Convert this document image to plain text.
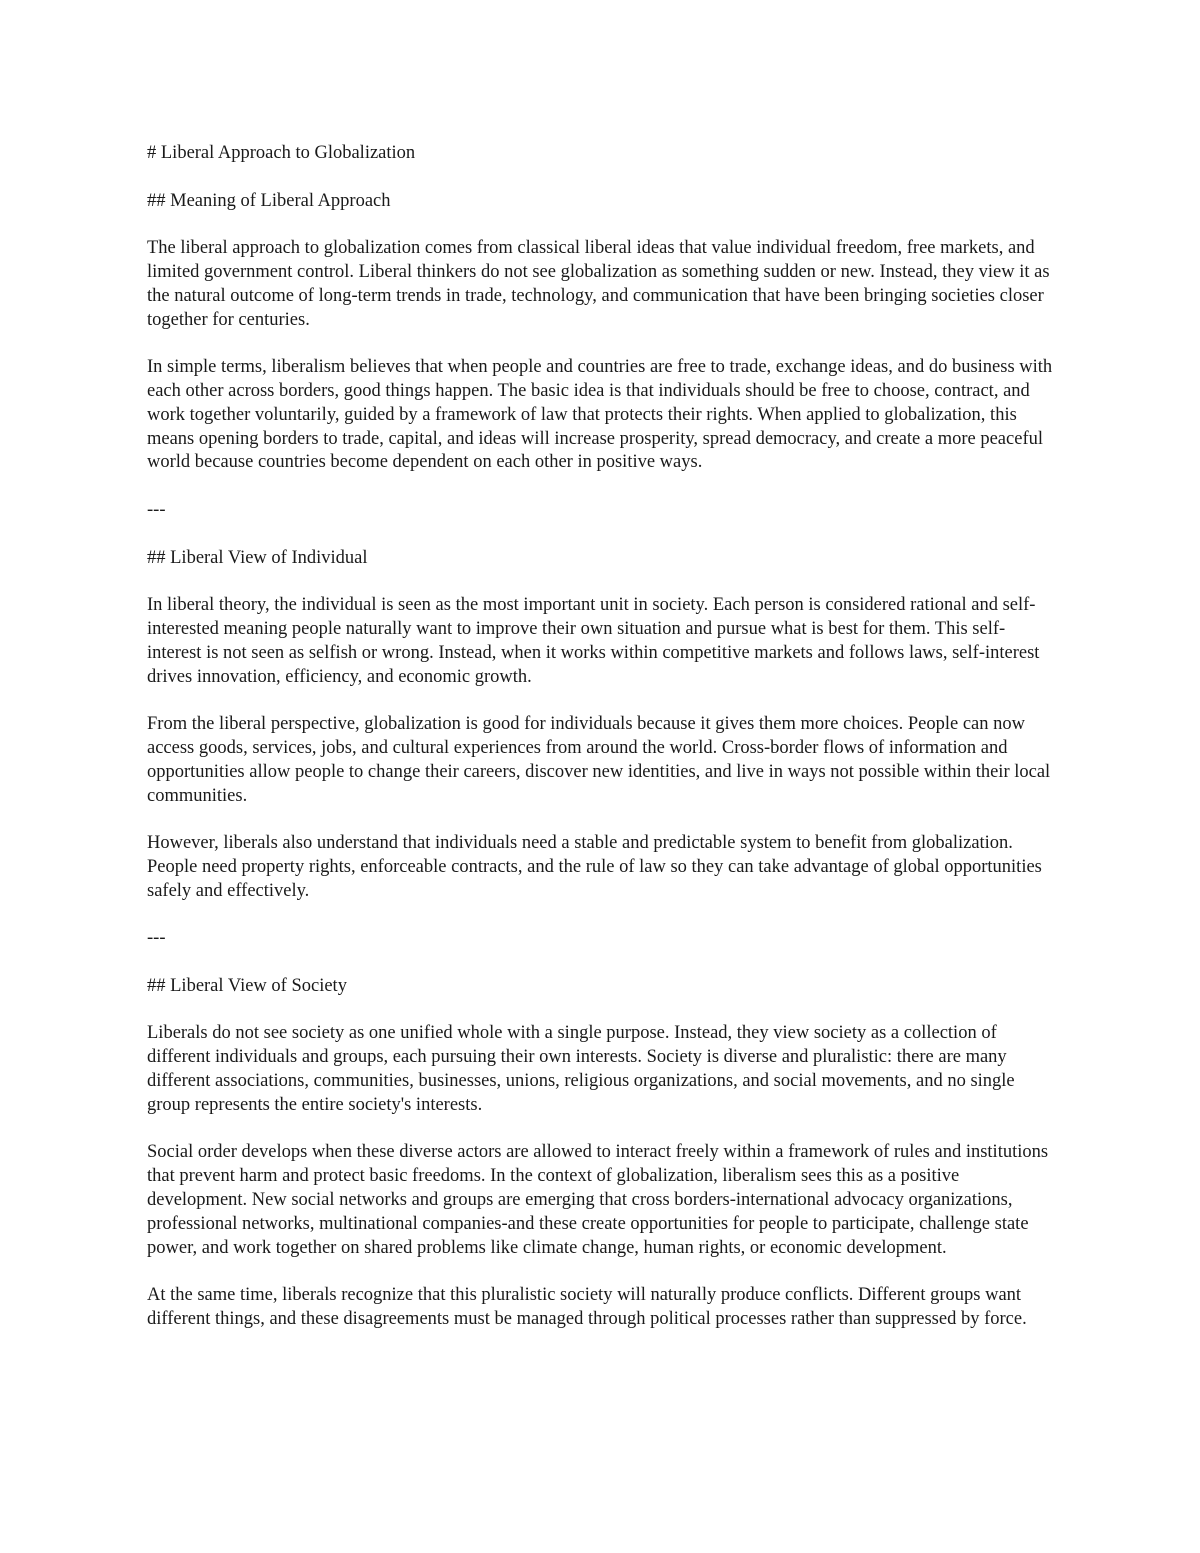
# Liberal Approach to Globalization
## Meaning of Liberal Approach
The liberal approach to globalization comes from classical liberal ideas that value individual freedom, free markets, and limited government control. Liberal thinkers do not see globalization as something sudden or new. Instead, they view it as the natural outcome of long-term trends in trade, technology, and communication that have been bringing societies closer together for centuries.
In simple terms, liberalism believes that when people and countries are free to trade, exchange ideas, and do business with each other across borders, good things happen. The basic idea is that individuals should be free to choose, contract, and work together voluntarily, guided by a framework of law that protects their rights. When applied to globalization, this means opening borders to trade, capital, and ideas will increase prosperity, spread democracy, and create a more peaceful world because countries become dependent on each other in positive ways.
---
## Liberal View of Individual
In liberal theory, the individual is seen as the most important unit in society. Each person is considered rational and self-interested meaning people naturally want to improve their own situation and pursue what is best for them. This self-interest is not seen as selfish or wrong. Instead, when it works within competitive markets and follows laws, self-interest drives innovation, efficiency, and economic growth.
From the liberal perspective, globalization is good for individuals because it gives them more choices. People can now access goods, services, jobs, and cultural experiences from around the world. Cross-border flows of information and opportunities allow people to change their careers, discover new identities, and live in ways not possible within their local communities.
However, liberals also understand that individuals need a stable and predictable system to benefit from globalization. People need property rights, enforceable contracts, and the rule of law so they can take advantage of global opportunities safely and effectively.
---
## Liberal View of Society
Liberals do not see society as one unified whole with a single purpose. Instead, they view society as a collection of different individuals and groups, each pursuing their own interests. Society is diverse and pluralistic: there are many different associations, communities, businesses, unions, religious organizations, and social movements, and no single group represents the entire society's interests.
Social order develops when these diverse actors are allowed to interact freely within a framework of rules and institutions that prevent harm and protect basic freedoms. In the context of globalization, liberalism sees this as a positive development. New social networks and groups are emerging that cross borders-international advocacy organizations, professional networks, multinational companies-and these create opportunities for people to participate, challenge state power, and work together on shared problems like climate change, human rights, or economic development.
At the same time, liberals recognize that this pluralistic society will naturally produce conflicts. Different groups want different things, and these disagreements must be managed through political processes rather than suppressed by force.
